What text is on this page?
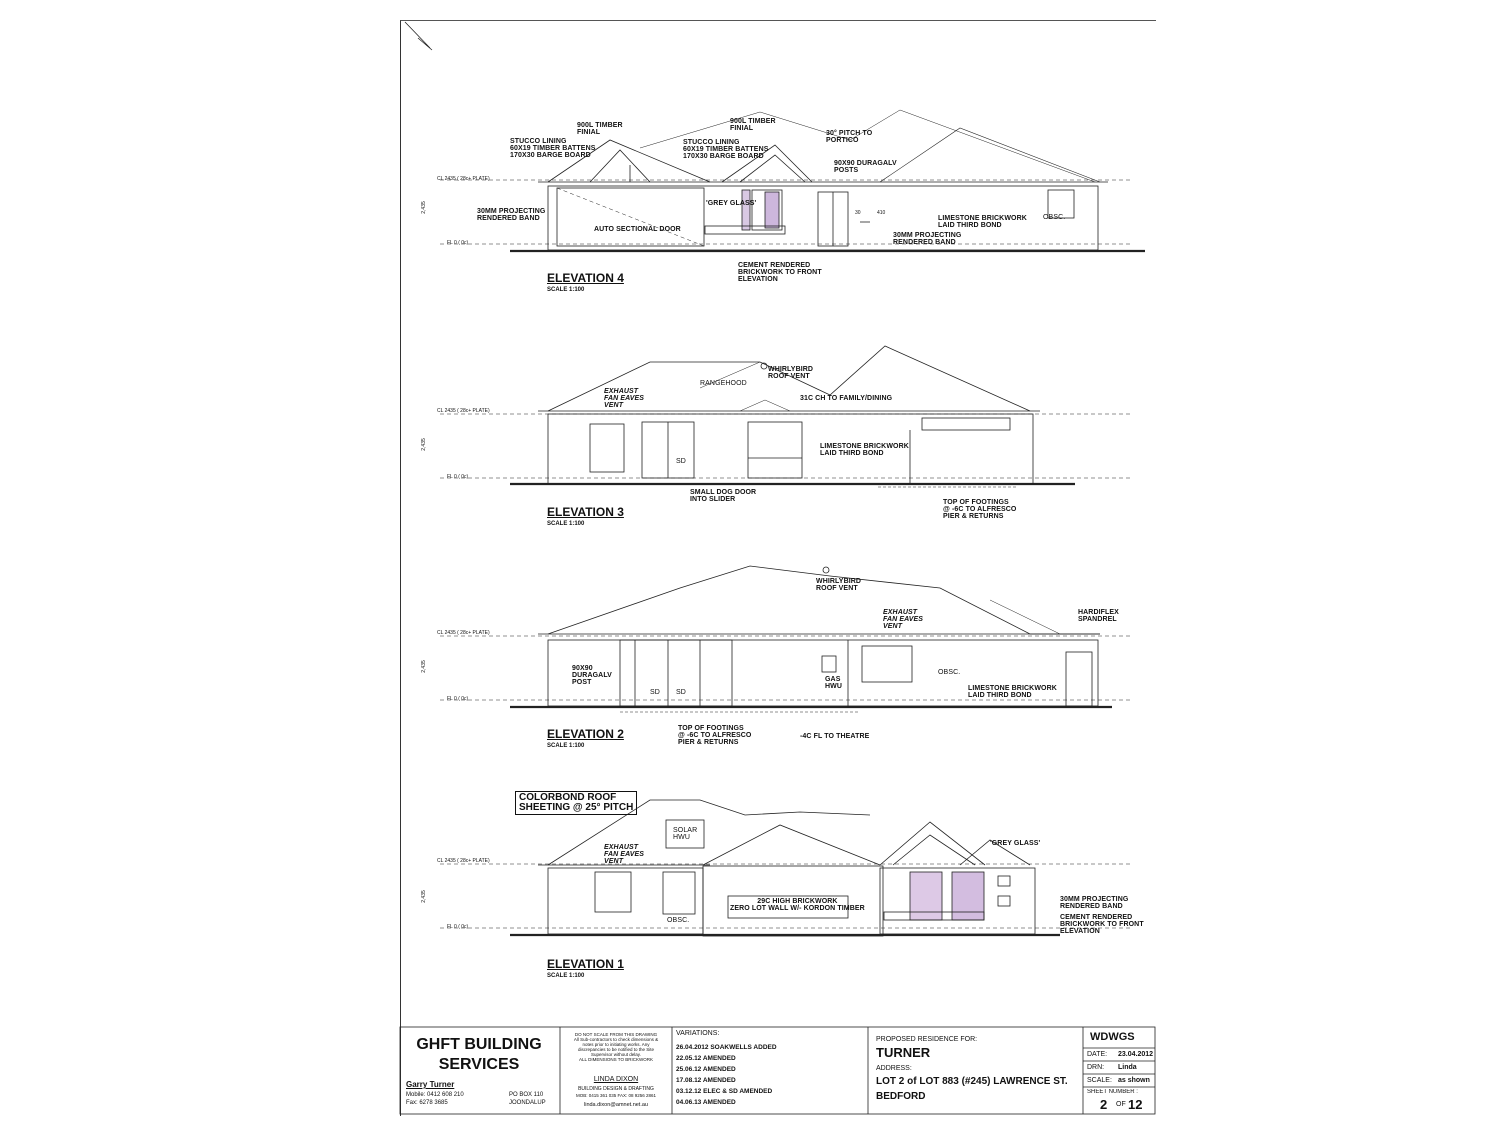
CL 2435 ( 28c+ PLATE)
FL 0 ( 0c)
2,435
900L TIMBER
FINIAL
900L TIMBER
FINIAL
STUCCO LINING
60X19 TIMBER BATTENS
170X30 BARGE BOARD
STUCCO LINING
60X19 TIMBER BATTENS
170X30 BARGE BOARD
30° PITCH TO
PORTICO
90X90 DURAGALV
POSTS
'GREY GLASS'
30MM PROJECTING
RENDERED BAND
AUTO SECTIONAL DOOR
LIMESTONE BRICKWORK
LAID THIRD BOND
30MM PROJECTING
RENDERED BAND
CEMENT RENDERED
BRICKWORK TO FRONT
ELEVATION
OBSC.
30	410
ELEVATION 4
SCALE 1:100
CL 2435 ( 28c+ PLATE)
FL 0 ( 0c)
2,435
EXHAUST
FAN EAVES
VENT
RANGEHOOD
WHIRLYBIRD
ROOF VENT
31C CH TO FAMILY/DINING
LIMESTONE BRICKWORK
LAID THIRD BOND
SMALL DOG DOOR
INTO SLIDER	TOP OF FOOTINGS
@ -6C TO ALFRESCO
PIER & RETURNS
SD
ELEVATION 3
SCALE 1:100
CL 2435 ( 28c+ PLATE)
FL 0 ( 0c)
2,435
WHIRLYBIRD
ROOF VENT
EXHAUST
FAN EAVES
VENT
HARDIFLEX
SPANDREL
90X90
DURAGALV
POST	GAS
HWU	LIMESTONE BRICKWORK
LAID THIRD BOND
TOP OF FOOTINGS
@ -6C TO ALFRESCO
PIER & RETURNS
-4C FL TO THEATRE
OBSC.
SD SD
ELEVATION 2
SCALE 1:100
COLORBOND ROOF
SHEETING @ 25° PITCH
SOLAR
HWU
CL 2435 ( 28c+ PLATE)
FL 0 ( 0c)
2,435
EXHAUST
FAN EAVES
VENT
'GREY GLASS'
29C HIGH BRICKWORK
ZERO LOT WALL W/- KORDON TIMBER
30MM PROJECTING
RENDERED BAND
CEMENT RENDERED
BRICKWORK TO FRONT
ELEVATION
OBSC.
ELEVATION 1
SCALE 1:100
GHFT BUILDING
SERVICES
Garry Turner
Mobile: 0412 608 210
Fax: 6278 3685
PO BOX 110
JOONDALUP
DO NOT SCALE FROM THIS DRAWING
All Sub-contractors to check dimensions &
notes prior to initiating works. Any
discrepancies to be notified to the Site
Supervisor without delay.
ALL DIMENSIONS TO BRICKWORK
LINDA DIXON
BUILDING DESIGN & DRAFTING
MOB: 0415 361 035 FAX: 08 9256 2861
linda.dixon@amnet.net.au
VARIATIONS:
26.04.2012 SOAKWELLS ADDED
22.05.12 AMENDED
25.06.12 AMENDED
17.08.12 AMENDED
03.12.12 ELEC & SD AMENDED
04.06.13 AMENDED
PROPOSED RESIDENCE FOR:
TURNER
ADDRESS:
LOT 2 of LOT 883 (#245) LAWRENCE ST.
BEDFORD
WDWGS
DATE: 23.04.2012
DRN: Linda
SCALE: as shown
SHEET NUMBER :
2 OF 12
